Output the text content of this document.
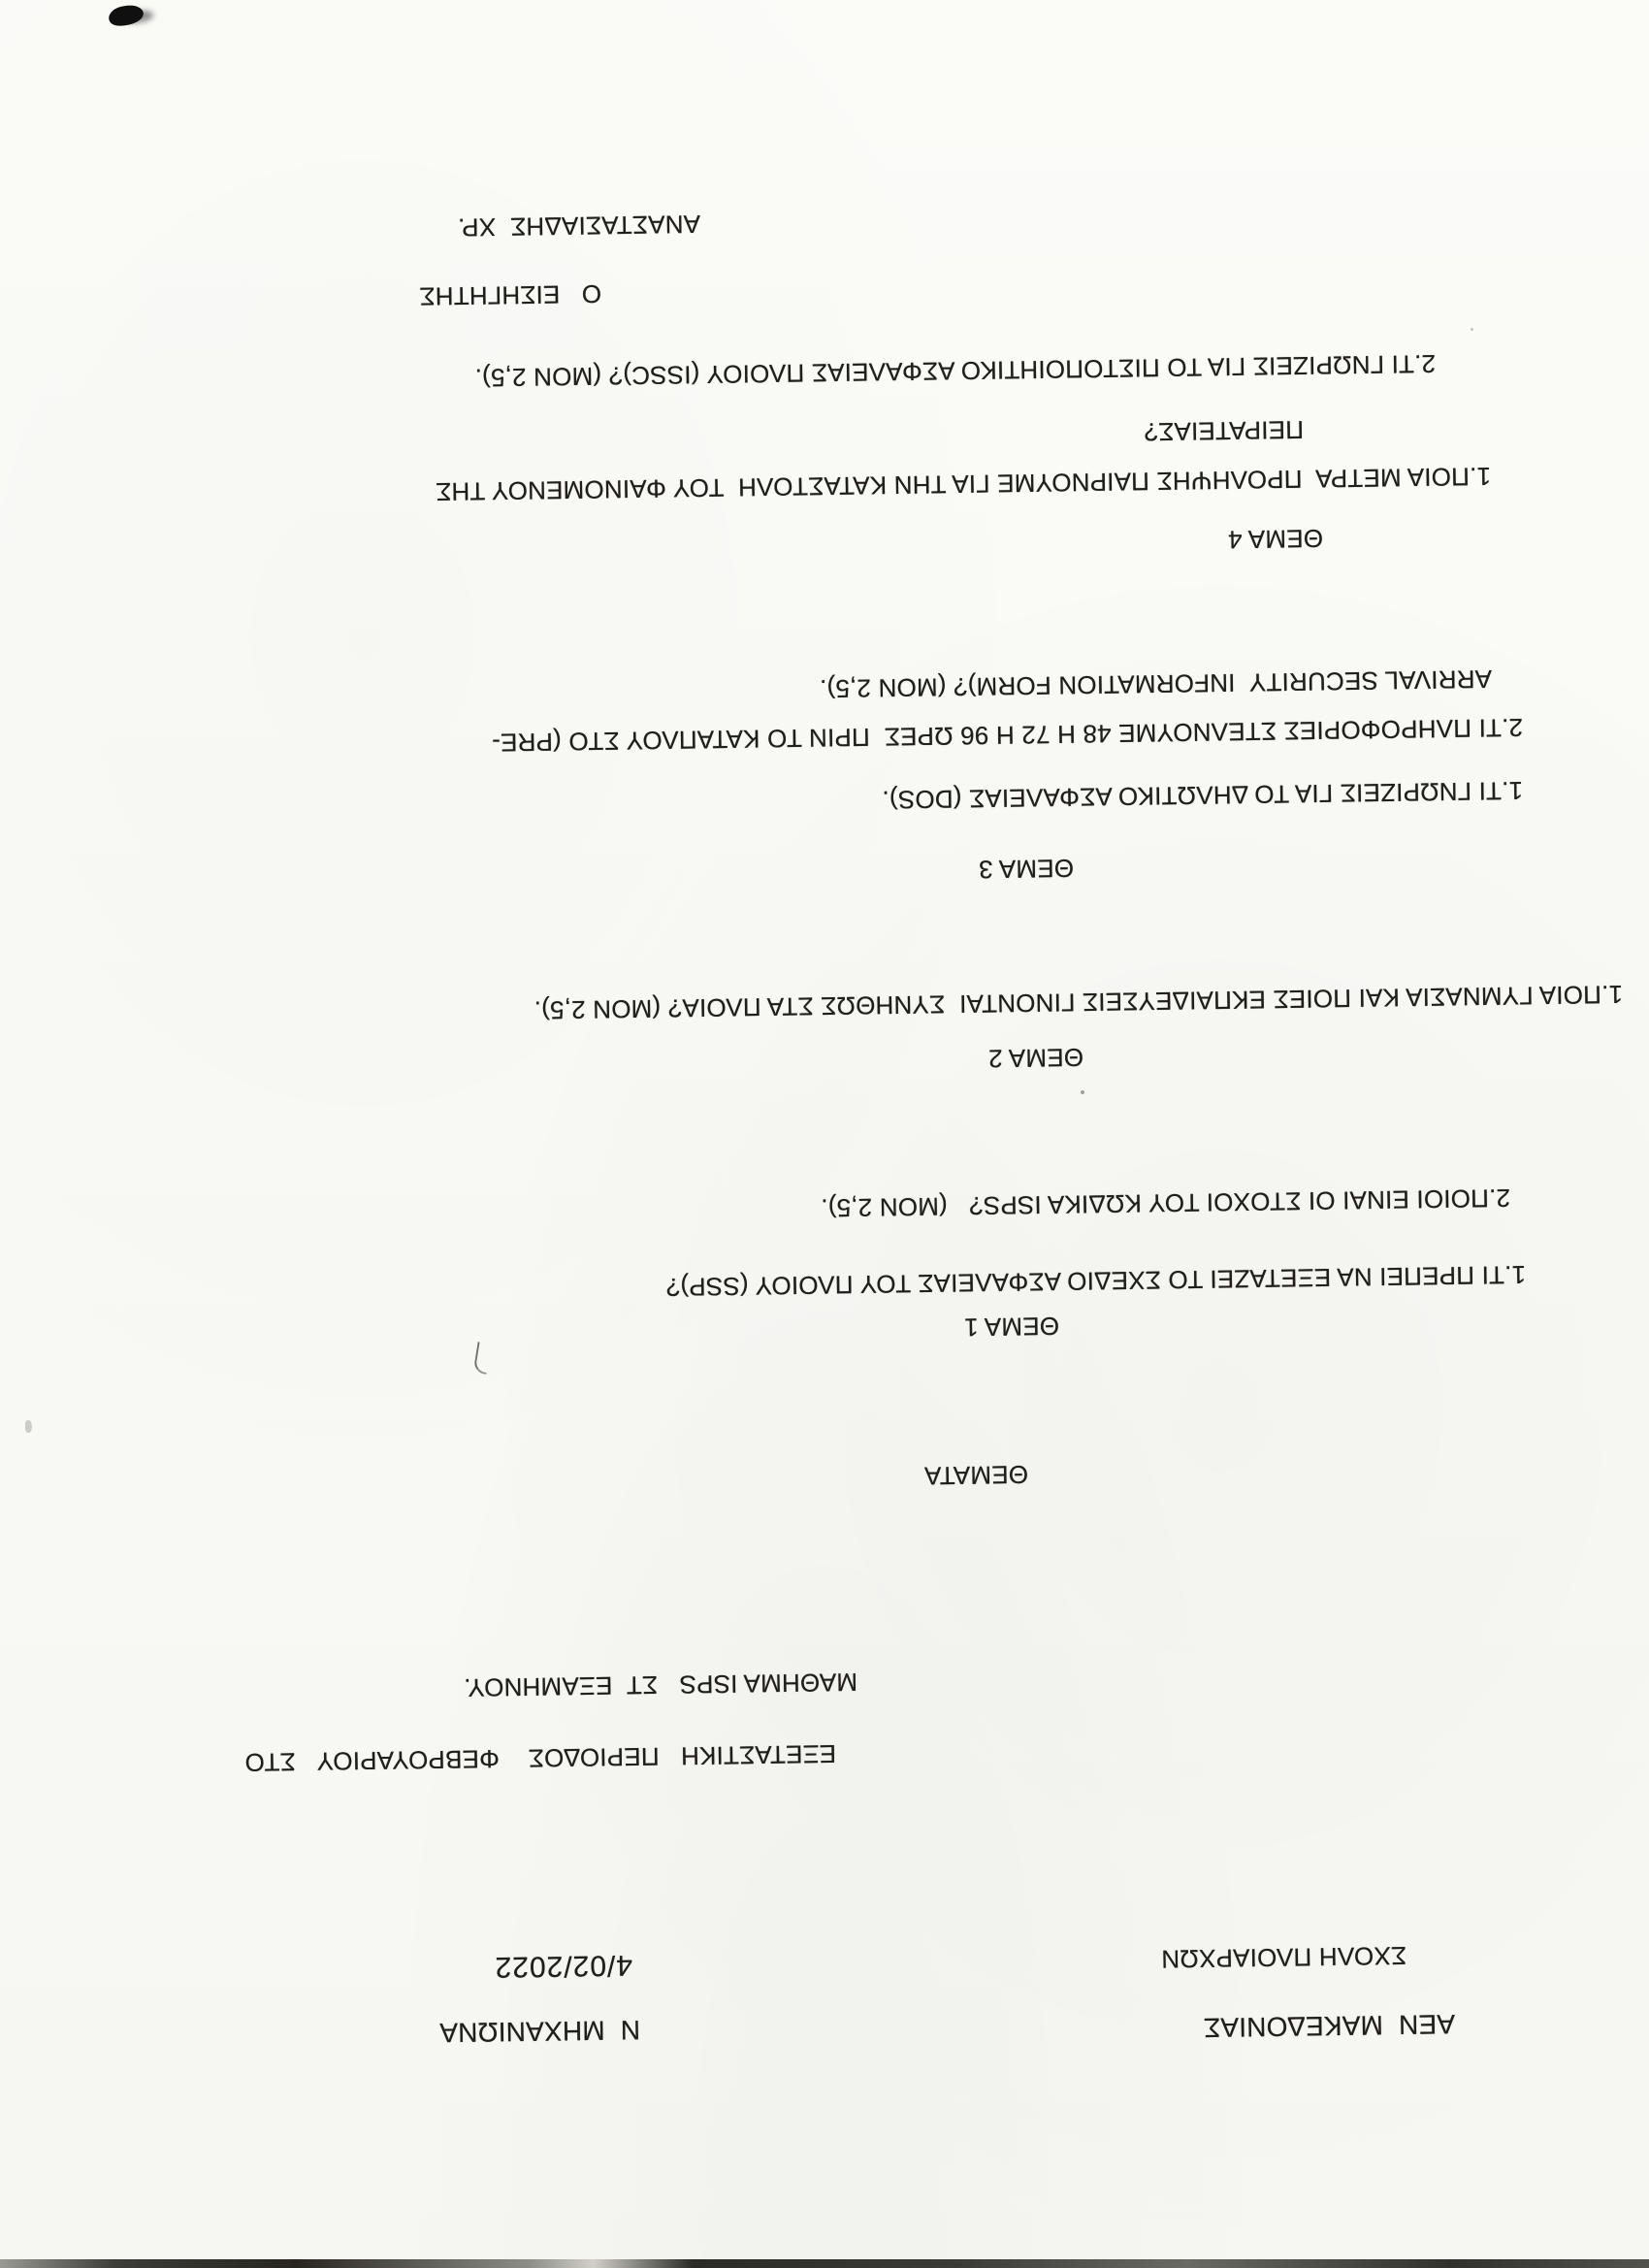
ΑΕΝ  ΜΑΚΕΔΟΝΙΑΣ
ΣΧΟΛΗ ΠΛΟΙΑΡΧΩΝ
Ν  ΜΗΧΑΝΙΩΝΑ
4/02/2022
ΕΞΕΤΑΣΤΙΚΗ   ΠΕΡΙΟΔΟΣ    ΦΕΒΡΟΥΑΡΙΟΥ   ΣΤΟ
ΜΑΘΗΜΑ ISPS   ΣΤ  ΕΞΑΜΗΝΟΥ.
ΘΕΜΑΤΑ
ΘΕΜΑ 1
1.ΤΙ ΠΡΕΠΕΙ ΝΑ ΕΞΕΤΑΖΕΙ ΤΟ ΣΧΕΔΙΟ ΑΣΦΑΛΕΙΑΣ ΤΟΥ ΠΛΟΙΟΥ (SSP)?
2.ΠΟΙΟΙ ΕΙΝΑΙ ΟΙ ΣΤΟΧΟΙ ΤΟΥ ΚΩΔΙΚΑ ISPS?   (ΜΟΝ 2,5).
ΘΕΜΑ 2
1.ΠΟΙΑ ΓΥΜΝΑΣΙΑ ΚΑΙ ΠΟΙΕΣ ΕΚΠΑΙΔΕΥΣΕΙΣ ΓΙΝΟΝΤΑΙ  ΣΥΝΗΘΩΣ ΣΤΑ ΠΛΟΙΑ? (ΜΟΝ 2,5).
ΘΕΜΑ 3
1.ΤΙ ΓΝΩΡΙΖΕΙΣ ΓΙΑ ΤΟ ΔΗΛΩΤΙΚΟ ΑΣΦΑΛΕΙΑΣ (DOS).
2.ΤΙ ΠΛΗΡΟΦΟΡΙΕΣ ΣΤΕΛΝΟΥΜΕ 48 Η 72 Η 96 ΩΡΕΣ  ΠΡΙΝ ΤΟ ΚΑΤΑΠΛΟΥ ΣΤΟ (PRE-
ARRIVAL SECURITY  INFORMATION FORM)? (ΜΟΝ 2,5).
ΘΕΜΑ 4
1.ΠΟΙΑ ΜΕΤΡΑ  ΠΡΟΛΗΨΗΣ ΠΑΙΡΝΟΥΜΕ ΓΙΑ ΤΗΝ ΚΑΤΑΣΤΟΛΗ  ΤΟΥ ΦΑΙΝΟΜΕΝΟΥ ΤΗΣ
ΠΕΙΡΑΤΕΙΑΣ?
2.ΤΙ ΓΝΩΡΙΖΕΙΣ ΓΙΑ ΤΟ ΠΙΣΤΟΠΟΙΗΤΙΚΟ ΑΣΦΑΛΕΙΑΣ ΠΛΟΙΟΥ (ISSC)? (ΜΟΝ 2,5).
Ο   ΕΙΣΗΓΗΤΗΣ
ΑΝΑΣΤΑΣΙΑΔΗΣ  ΧΡ.
